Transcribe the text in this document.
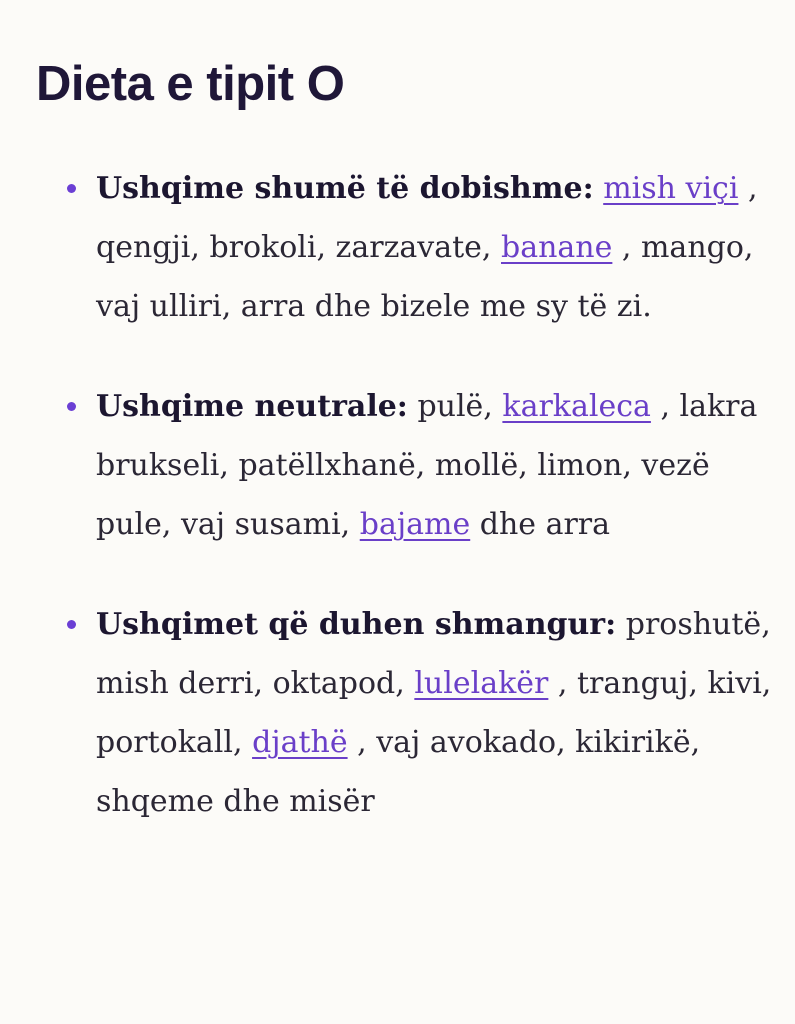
Dieta e tipit O
Ushqime shumë të dobishme: mish viçi , qengji, brokoli, zarzavate, banane , mango, vaj ulliri, arra dhe bizele me sy të zi.
Ushqime neutrale: pulë, karkaleca , lakra brukseli, patëllxhanë, mollë, limon, vezë pule, vaj susami, bajame dhe arra
Ushqimet që duhen shmangur: proshutë, mish derri, oktapod, lulelakër , tranguj, kivi, portokall, djathë , vaj avokado, kikirikë, shqeme dhe misër
